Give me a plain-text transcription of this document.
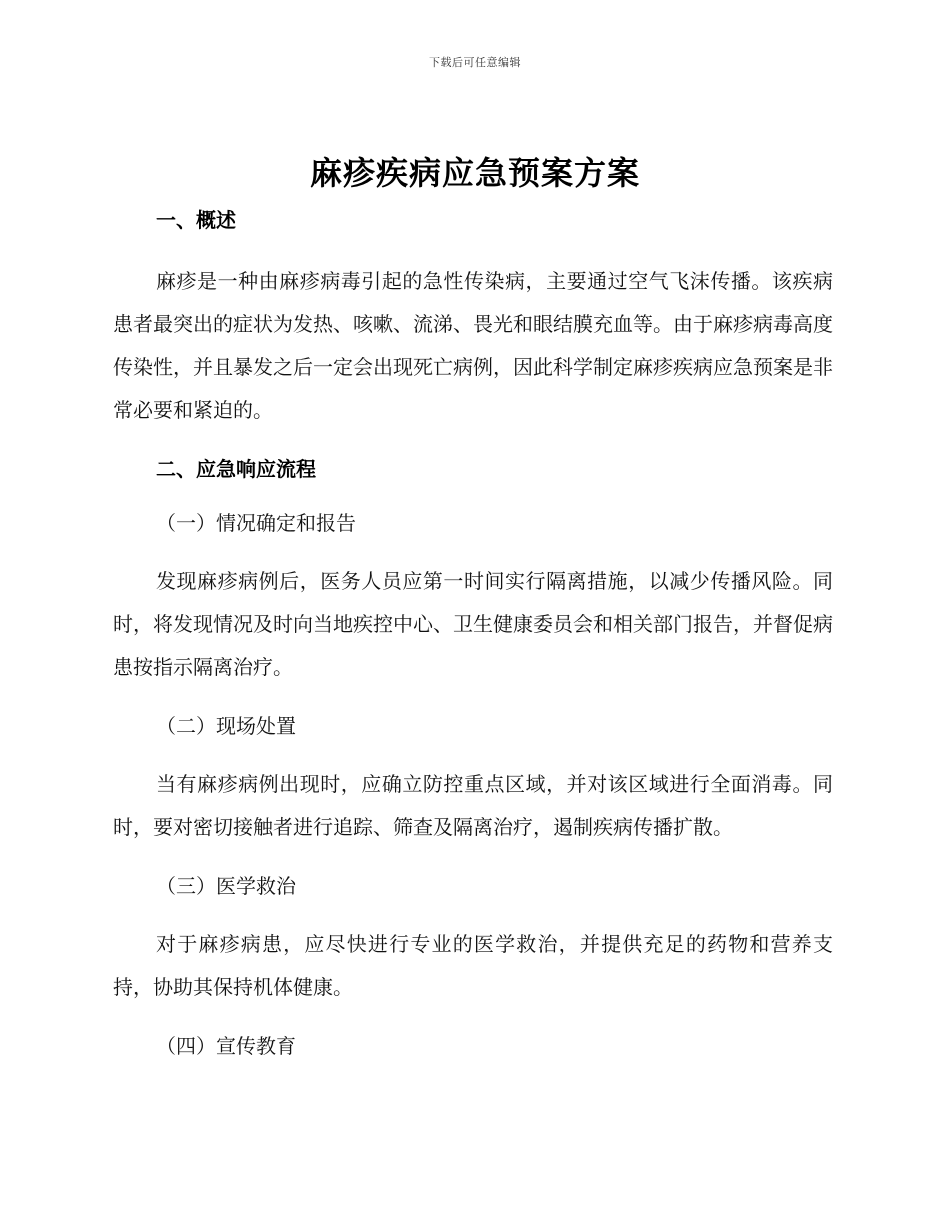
下载后可任意编辑
麻疹疾病应急预案方案

一、概述

麻疹是一种由麻疹病毒引起的急性传染病，主要通过空气飞沫传播。该疾病患者最突出的症状为发热、咳嗽、流涕、畏光和眼结膜充血等。由于麻疹病毒高度传染性，并且暴发之后一定会出现死亡病例，因此科学制定麻疹疾病应急预案是非常必要和紧迫的。

二、应急响应流程

（一）情况确定和报告

发现麻疹病例后，医务人员应第一时间实行隔离措施，以减少传播风险。同时，将发现情况及时向当地疾控中心、卫生健康委员会和相关部门报告，并督促病患按指示隔离治疗。

（二）现场处置

当有麻疹病例出现时，应确立防控重点区域，并对该区域进行全面消毒。同时，要对密切接触者进行追踪、筛查及隔离治疗，遏制疾病传播扩散。

（三）医学救治

对于麻疹病患，应尽快进行专业的医学救治，并提供充足的药物和营养支持，协助其保持机体健康。

（四）宣传教育
